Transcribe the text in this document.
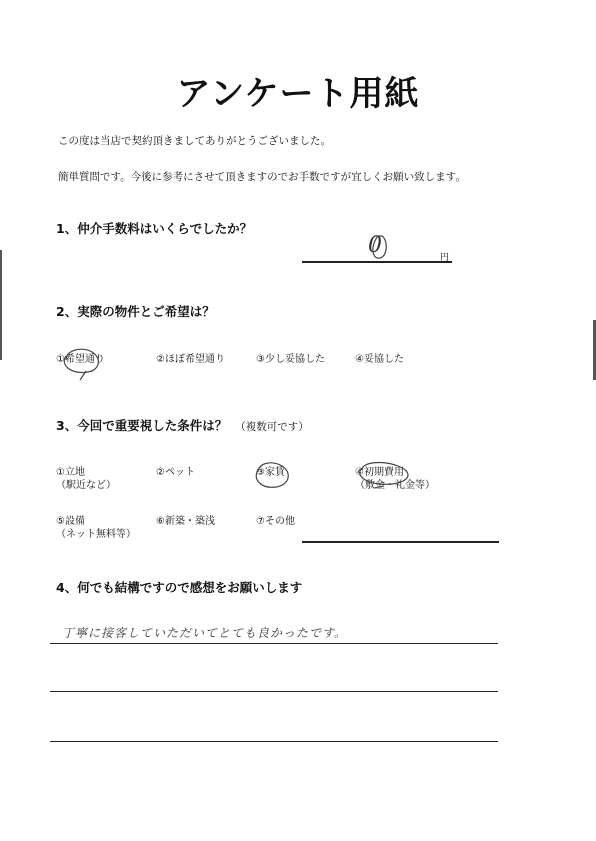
アンケート用紙
この度は当店で契約頂きましてありがとうございました。
簡単質問です。今後に参考にさせて頂きますのでお手数ですが宜しくお願い致します。
1、仲介手数料はいくらでしたか？
0	円
2、実際の物件とご希望は？
①希望通り	②ほぼ希望通り	③少し妥協した	④妥協した
3、今回で重要視した条件は？ （複数可です）
①立地
（駅近など）
②ペット	③家賃	④初期費用
（敷金・礼金等）
⑤設備
（ネット無料等）
⑥新築・築浅	⑦その他
4、何でも結構ですので感想をお願いします
丁寧に接客していただいてとても良かったです。
